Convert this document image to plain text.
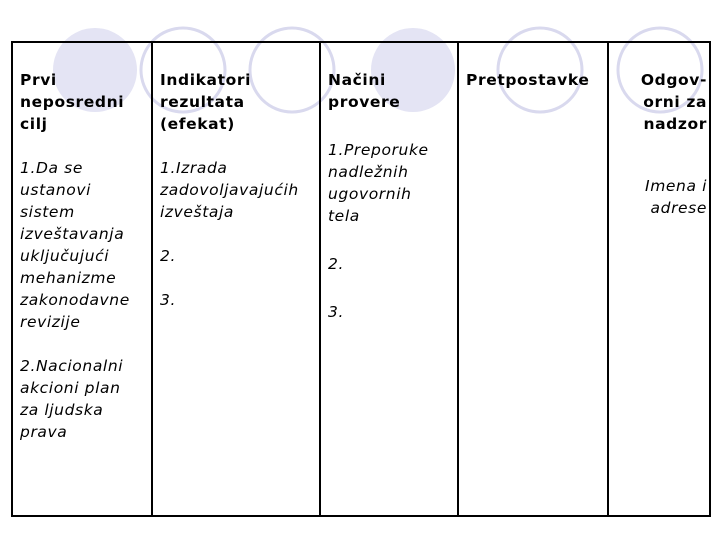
Prvi
neposredni
cilj

1.Da se
ustanovi
sistem
izveštavanja
uključujući
mehanizme
zakonodavne
revizije

2.Nacionalni
akcioni plan
za ljudska
prava

Indikatori
rezultata
(efekat)

1.Izrada
zadovoljavajućih
izveštaja

2.

3.

Načini
provere

1.Preporuke
nadležnih
ugovornih
tela

2.

3.

Pretpostavke	Odgov-
orni za
nadzor

Imena i
adrese
